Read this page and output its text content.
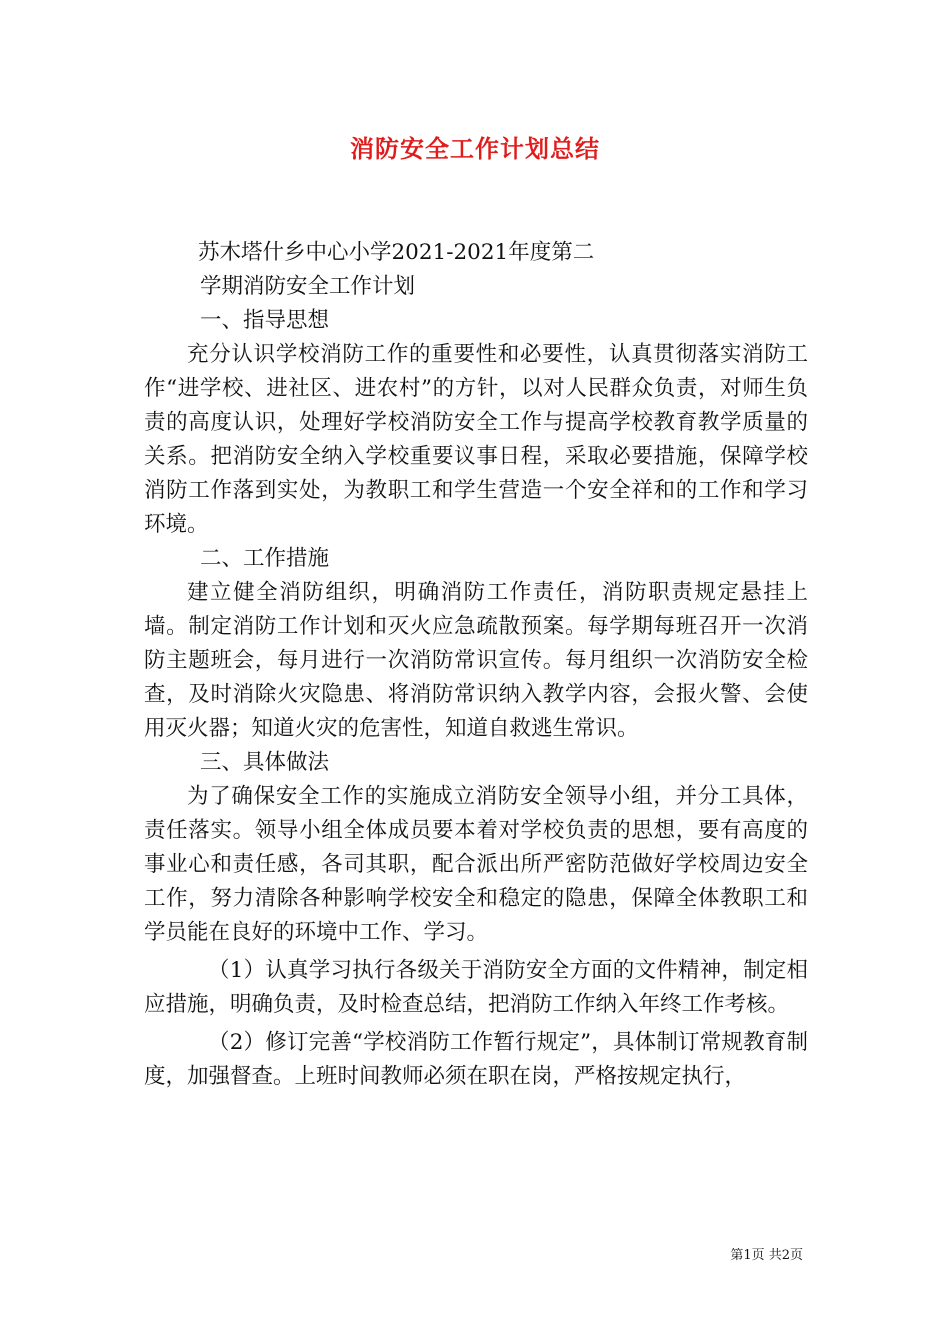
消防安全工作计划总结

苏木塔什乡中心小学2021-2021年度第二

学期消防安全工作计划

一、指导思想

充分认识学校消防工作的重要性和必要性，认真贯彻落实消防工作“进学校、进社区、进农村”的方针，以对人民群众负责，对师生负责的高度认识，处理好学校消防安全工作与提高学校教育教学质量的关系。把消防安全纳入学校重要议事日程，采取必要措施，保障学校消防工作落到实处，为教职工和学生营造一个安全祥和的工作和学习环境。

二、工作措施

建立健全消防组织，明确消防工作责任，消防职责规定悬挂上墙。制定消防工作计划和灭火应急疏散预案。每学期每班召开一次消防主题班会，每月进行一次消防常识宣传。每月组织一次消防安全检查，及时消除火灾隐患、将消防常识纳入教学内容，会报火警、会使用灭火器；知道火灾的危害性，知道自救逃生常识。

三、具体做法

为了确保安全工作的实施成立消防安全领导小组，并分工具体，责任落实。领导小组全体成员要本着对学校负责的思想，要有高度的事业心和责任感，各司其职，配合派出所严密防范做好学校周边安全工作，努力清除各种影响学校安全和稳定的隐患，保障全体教职工和学员能在良好的环境中工作、学习。

（1）认真学习执行各级关于消防安全方面的文件精神，制定相应措施，明确负责，及时检查总结，把消防工作纳入年终工作考核。

（2）修订完善“学校消防工作暂行规定”，具体制订常规教育制度，加强督查。上班时间教师必须在职在岗，严格按规定执行，

第1页 共2页
